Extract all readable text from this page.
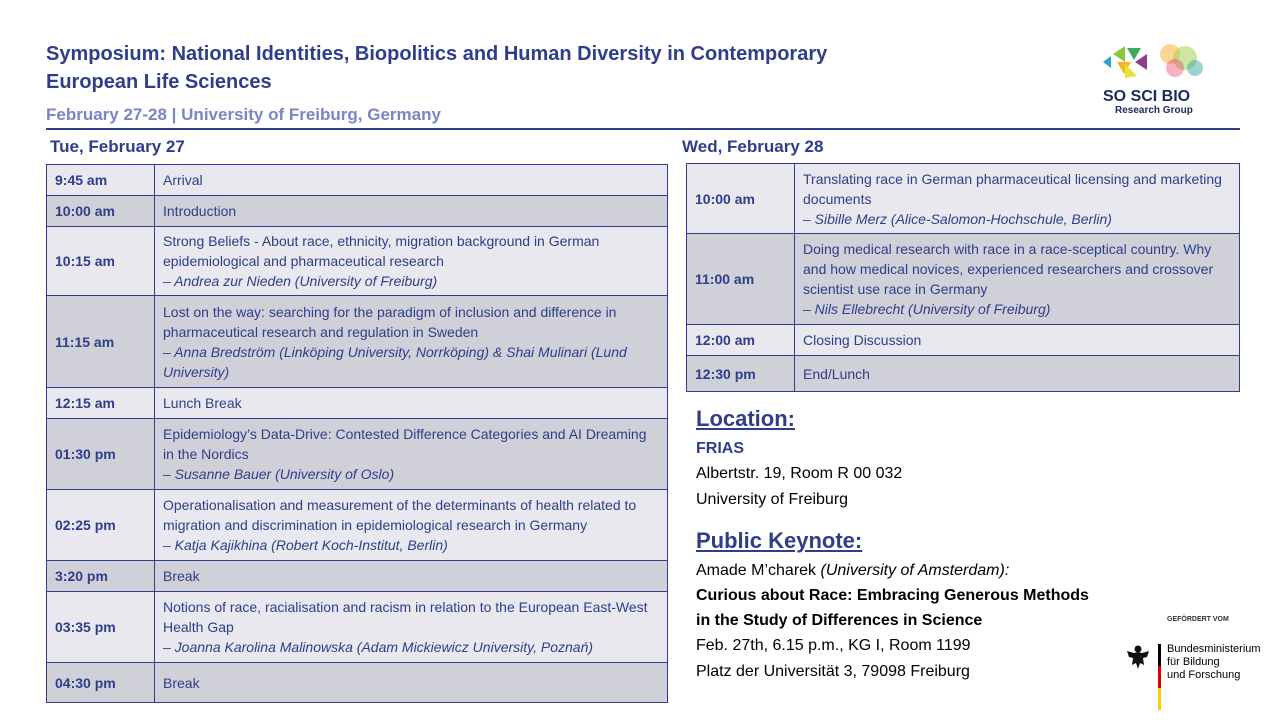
Symposium: National Identities, Biopolitics and Human Diversity in Contemporary European Life Sciences
February 27-28 | University of Freiburg, Germany
SO SCI BIO
Research Group
Tue, February 27
9:45 am	Arrival
10:00 am	Introduction
10:15 am	Strong Beliefs - About race, ethnicity, migration background in German epidemiological and pharmaceutical research
– Andrea zur Nieden (University of Freiburg)
11:15 am	Lost on the way: searching for the paradigm of inclusion and difference in pharmaceutical research and regulation in Sweden
– Anna Bredström (Linköping University, Norrköping) & Shai Mulinari (Lund University)
12:15 am	Lunch Break
01:30 pm	Epidemiology’s Data-Drive: Contested Difference Categories and AI Dreaming in the Nordics
– Susanne Bauer (University of Oslo)
02:25 pm	Operationalisation and measurement of the determinants of health related to migration and discrimination in epidemiological research in Germany
– Katja Kajikhina (Robert Koch-Institut, Berlin)
3:20 pm	Break
03:35 pm	Notions of race, racialisation and racism in relation to the European East-West Health Gap
– Joanna Karolina Malinowska (Adam Mickiewicz University, Poznań)
04:30 pm	Break
Wed, February 28
10:00 am	Translating race in German pharmaceutical licensing and marketing documents
– Sibille Merz (Alice-Salomon-Hochschule, Berlin)
11:00 am	Doing medical research with race in a race-sceptical country. Why and how medical novices, experienced researchers and crossover scientist use race in Germany
– Nils Ellebrecht (University of Freiburg)
12:00 am	Closing Discussion
12:30 pm	End/Lunch
Location:
FRIAS
Albertstr. 19, Room R 00 032
University of Freiburg
Public Keynote:
Amade M’charek (University of Amsterdam):
Curious about Race: Embracing Generous Methods
in the Study of Differences in Science
Feb. 27th, 6.15 p.m., KG I, Room 1199
Platz der Universität 3, 79098 Freiburg
GEFÖRDERT VOM
Bundesministerium
für Bildung
und Forschung
